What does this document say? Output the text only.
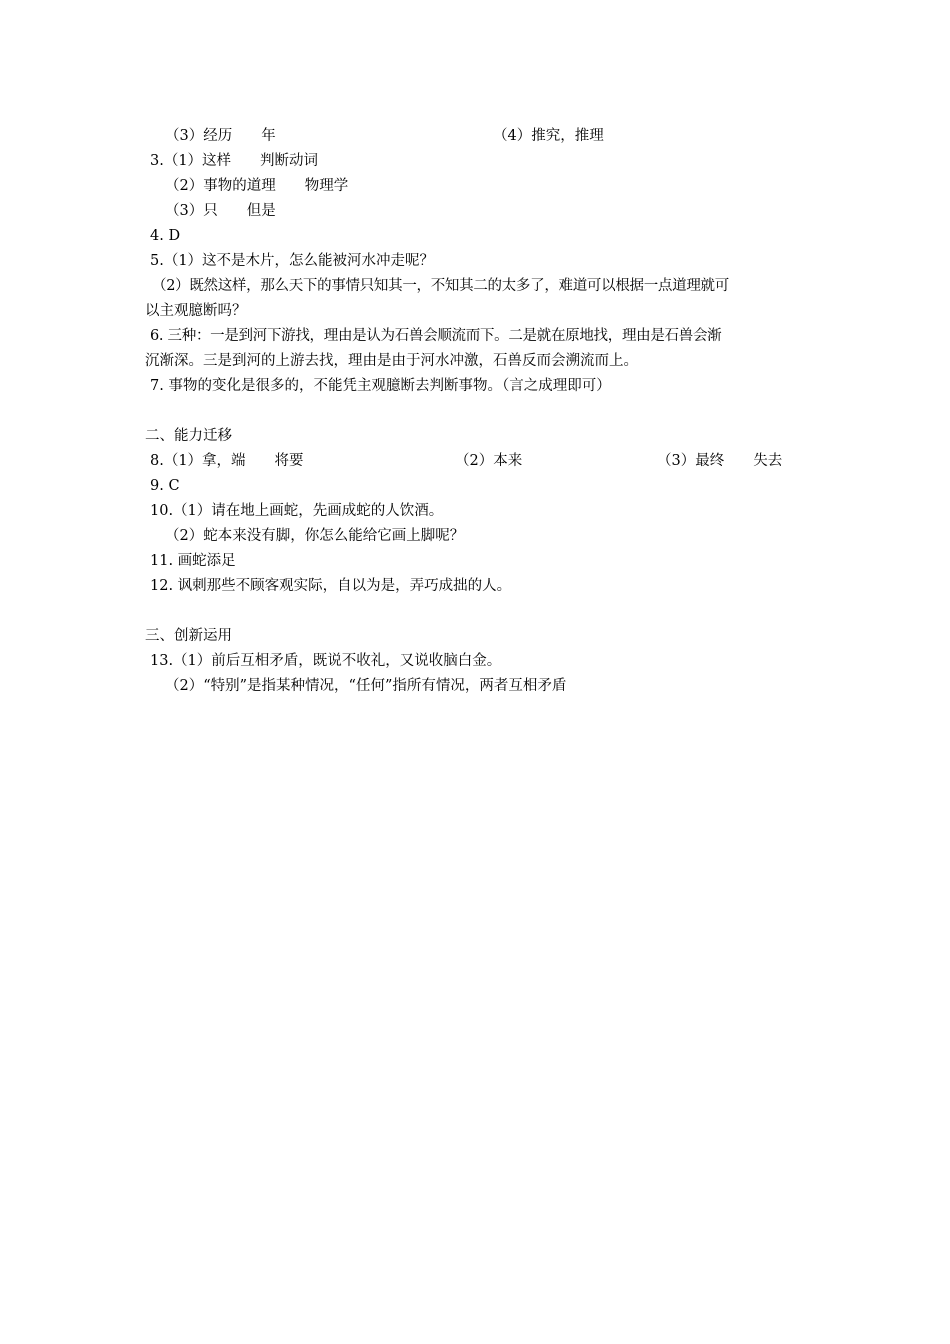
（3）经历　　年	（4）推究，推理
3.（1）这样　　判断动词
（2）事物的道理　　物理学
（3）只　　但是
4. D
5.（1）这不是木片，怎么能被河水冲走呢？
（2）既然这样，那么天下的事情只知其一，不知其二的太多了，难道可以根据一点道理就可
以主观臆断吗？
6. 三种：一是到河下游找，理由是认为石兽会顺流而下。二是就在原地找，理由是石兽会渐
沉渐深。三是到河的上游去找，理由是由于河水冲激，石兽反而会溯流而上。
7. 事物的变化是很多的，不能凭主观臆断去判断事物。（言之成理即可）
二、能力迁移
8.（1）拿，端　　将要	（2）本来	（3）最终　　失去
9. C
10.（1）请在地上画蛇，先画成蛇的人饮酒。
（2）蛇本来没有脚，你怎么能给它画上脚呢？
11. 画蛇添足
12. 讽刺那些不顾客观实际，自以为是，弄巧成拙的人。
三、创新运用
13.（1）前后互相矛盾，既说不收礼，又说收脑白金。
（2）“特别”是指某种情况，“任何”指所有情况，两者互相矛盾
